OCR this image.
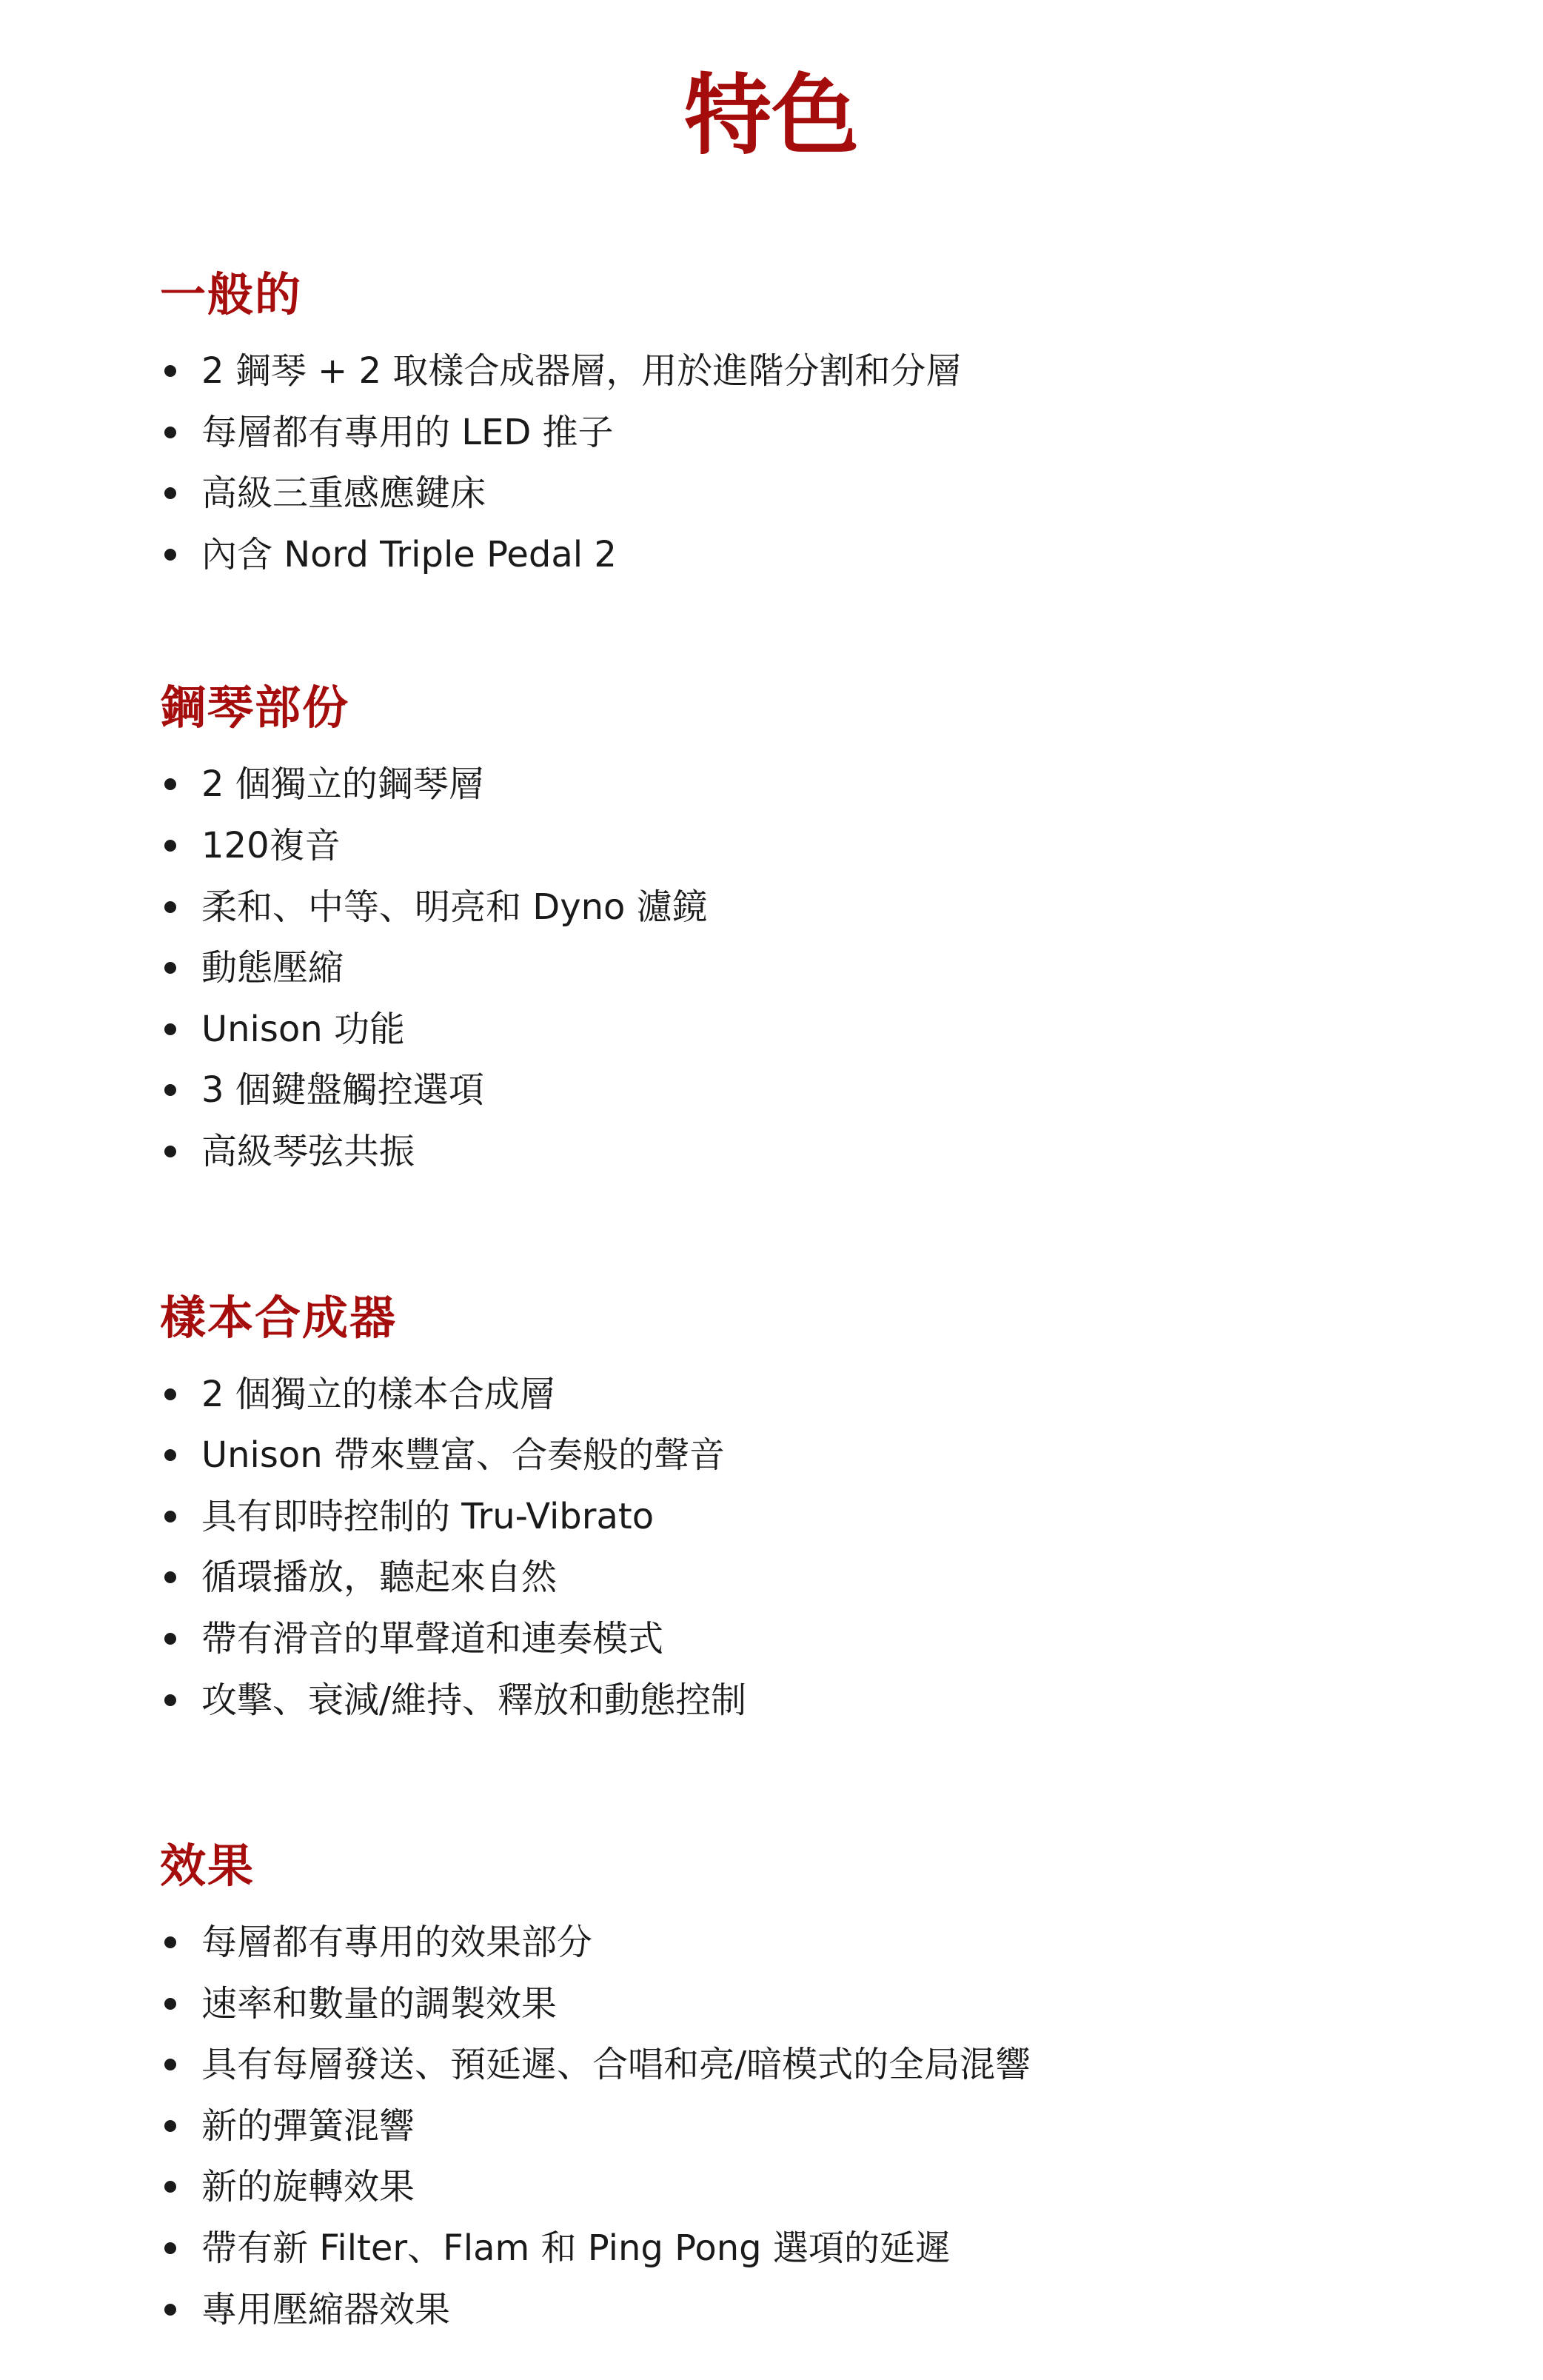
特色
一般的
2 鋼琴 + 2 取樣合成器層，用於進階分割和分層
每層都有專用的 LED 推子
高級三重感應鍵床
內含 Nord Triple Pedal 2
鋼琴部份
2 個獨立的鋼琴層
120複音
柔和、中等、明亮和 Dyno 濾鏡
動態壓縮
Unison 功能
3 個鍵盤觸控選項
高級琴弦共振
樣本合成器
2 個獨立的樣本合成層
Unison 帶來豐富、合奏般的聲音
具有即時控制的 Tru-Vibrato
循環播放，聽起來自然
帶有滑音的單聲道和連奏模式
攻擊、衰減/維持、釋放和動態控制
效果
每層都有專用的效果部分
速率和數量的調製效果
具有每層發送、預延遲、合唱和亮/暗模式的全局混響
新的彈簧混響
新的旋轉效果
帶有新 Filter、Flam 和 Ping Pong 選項的延遲
專用壓縮器效果
